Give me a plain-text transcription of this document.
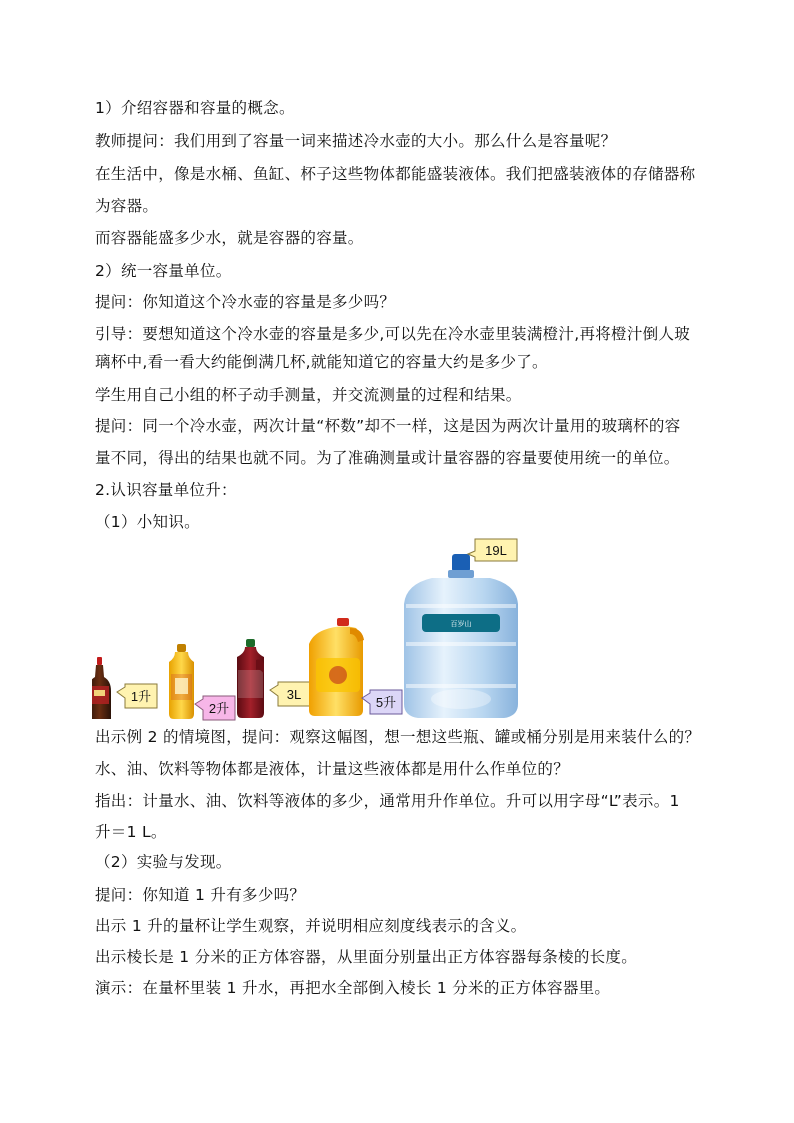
1）介绍容器和容量的概念。
教师提问：我们用到了容量一词来描述冷水壶的大小。那么什么是容量呢？
在生活中，像是水桶、鱼缸、杯子这些物体都能盛装液体。我们把盛装液体的存储器称
为容器。
而容器能盛多少水，就是容器的容量。
2）统一容量单位。
提问：你知道这个冷水壶的容量是多少吗？
引导：要想知道这个冷水壶的容量是多少,可以先在冷水壶里装满橙汁,再将橙汁倒人玻
璃杯中,看一看大约能倒满几杯,就能知道它的容量大约是多少了。
学生用自己小组的杯子动手测量，并交流测量的过程和结果。
提问：同一个冷水壶，两次计量“杯数”却不一样，这是因为两次计量用的玻璃杯的容
量不同，得出的结果也就不同。为了准确测量或计量容器的容量要使用统一的单位。
2.认识容量单位升：
（1）小知识。
1升
2升
3L
5升
百岁山
19L
出示例 2 的情境图，提问：观察这幅图，想一想这些瓶、罐或桶分别是用来装什么的？
水、油、饮料等物体都是液体，计量这些液体都是用什么作单位的？
指出：计量水、油、饮料等液体的多少，通常用升作单位。升可以用字母“L”表示。1
升＝1 L。
（2）实验与发现。
提问：你知道 1 升有多少吗？
出示 1 升的量杯让学生观察，并说明相应刻度线表示的含义。
出示棱长是 1 分米的正方体容器，从里面分别量出正方体容器每条棱的长度。
演示：在量杯里装 1 升水，再把水全部倒入棱长 1 分米的正方体容器里。
